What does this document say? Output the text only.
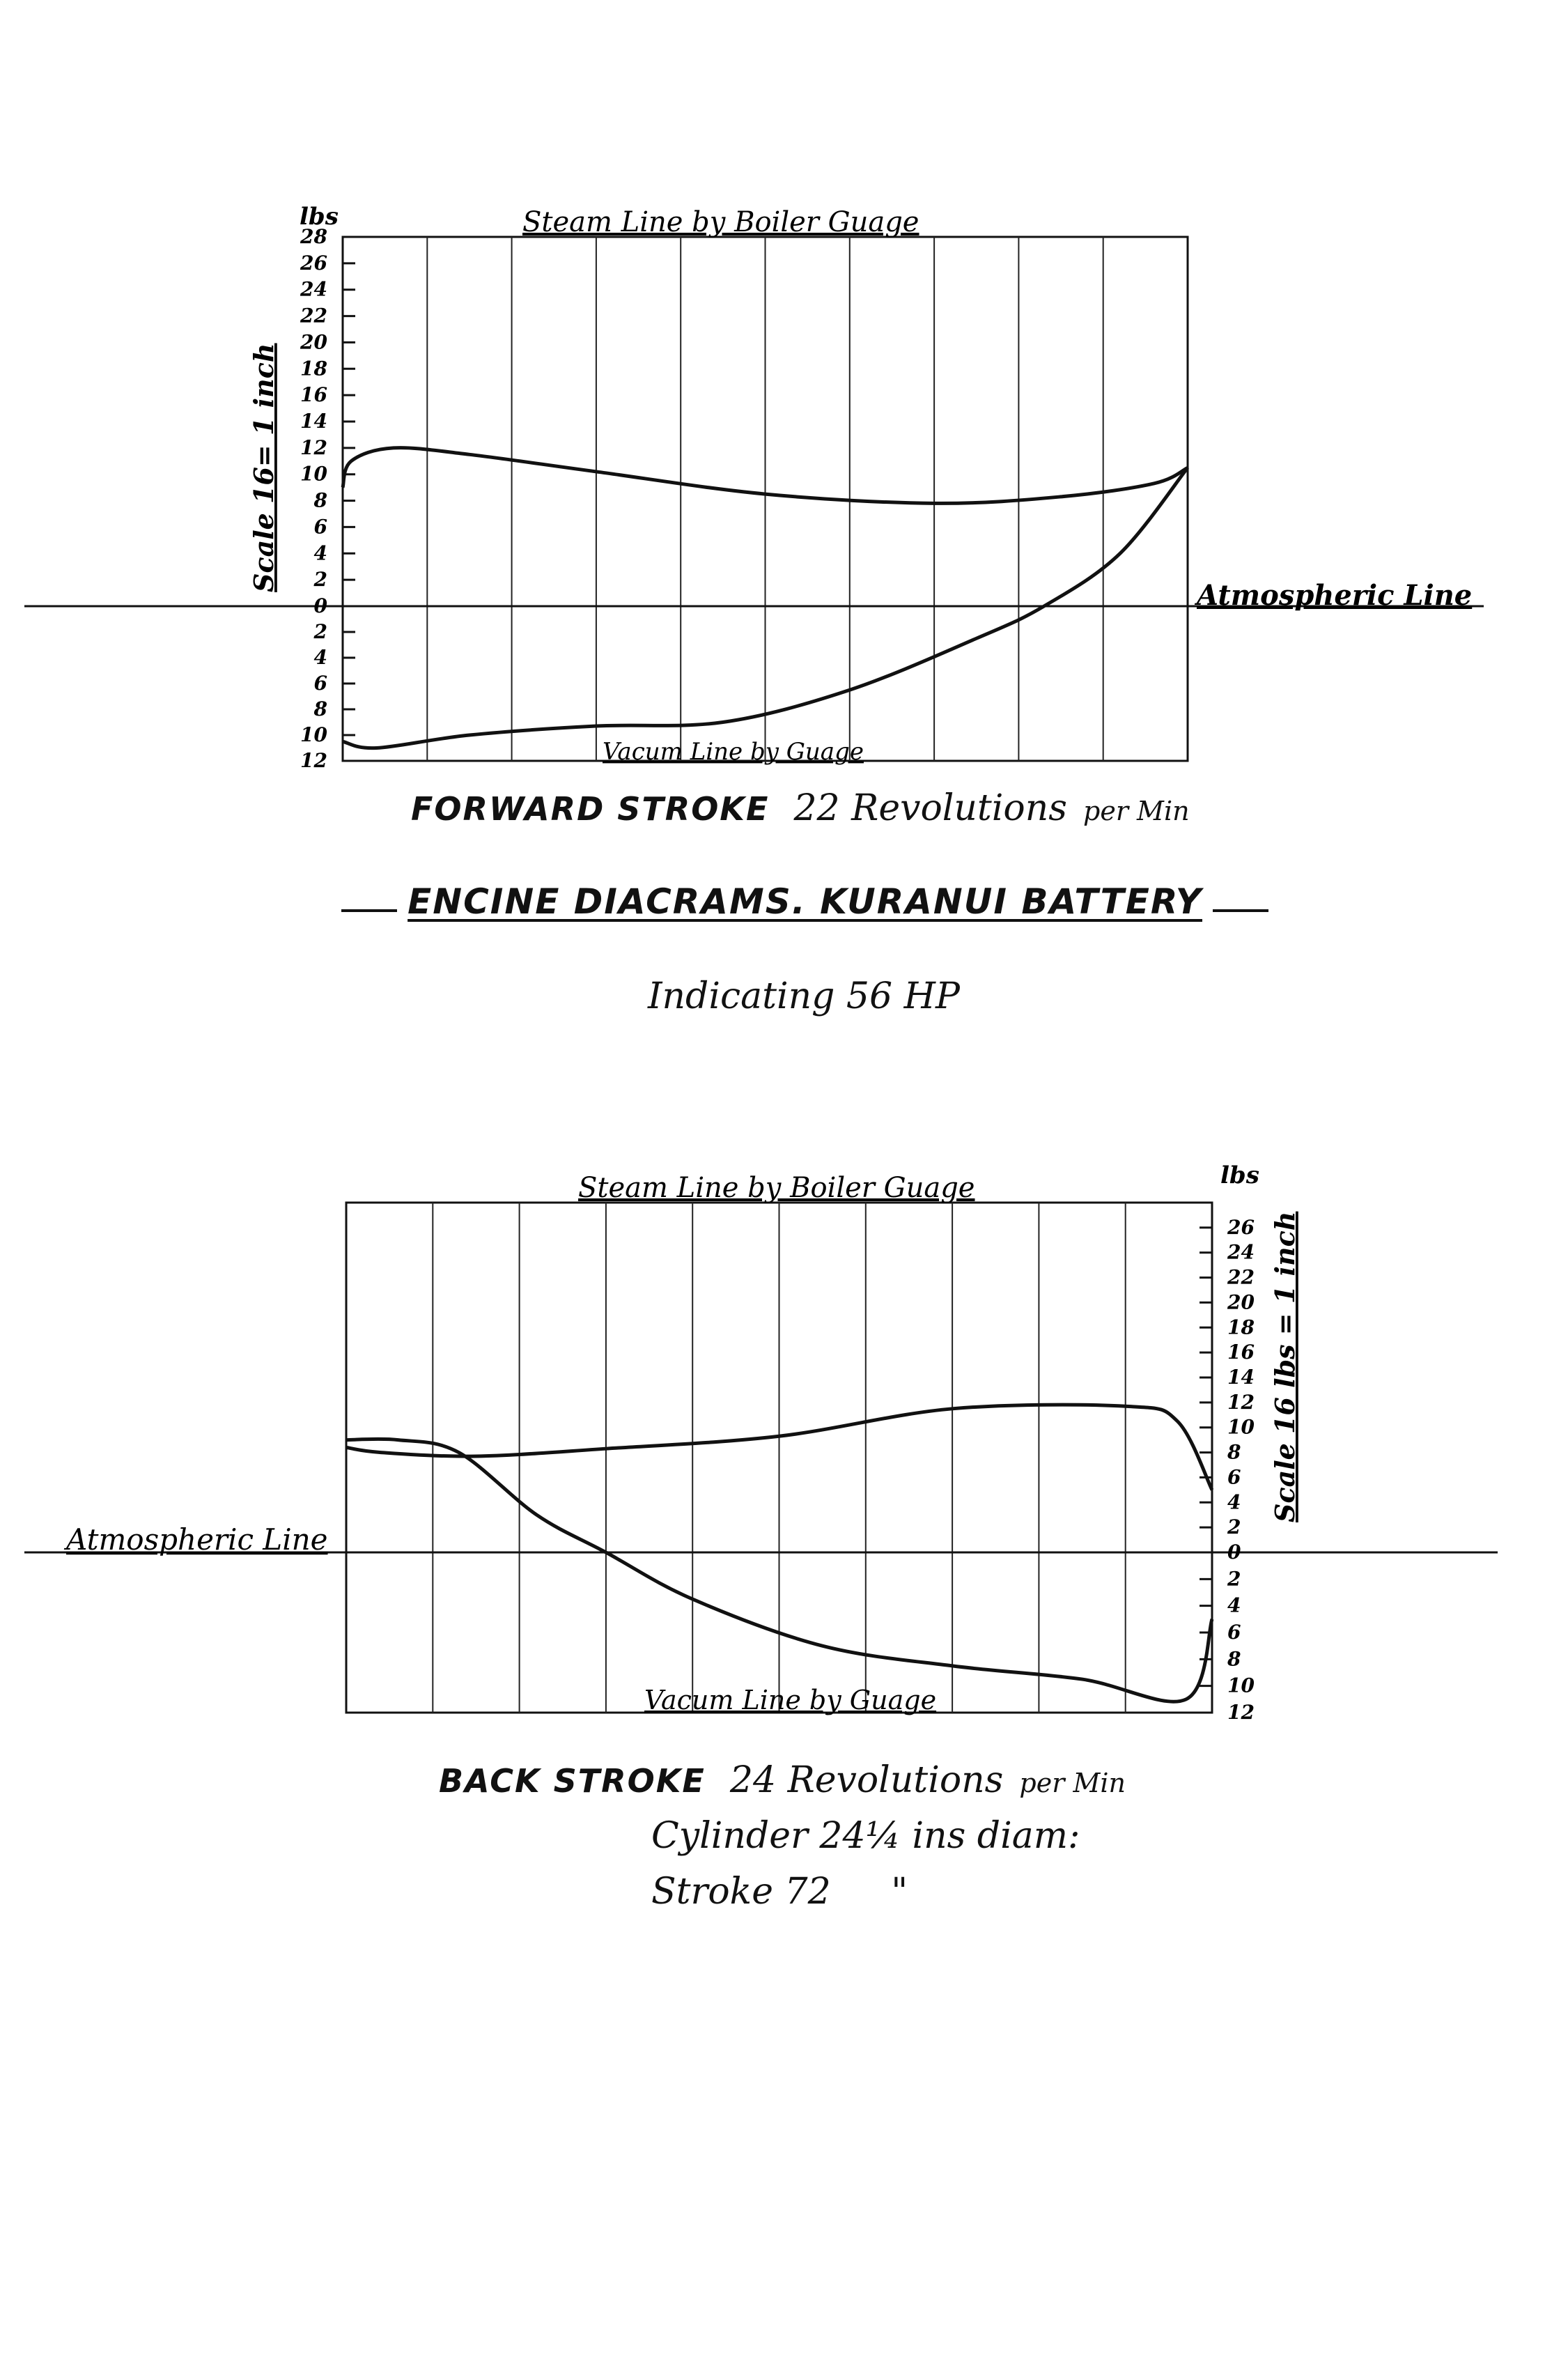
28
26
24
22
20
18
16
14
12
10
8
6
4
2
0
2
4
6
8
10
12
lbs	Steam Line by Boiler Guage
Vacum Line by Guage
Atmospheric Line
Scale 16= 1 inch
FORWARD STROKE 22 Revolutions per Min
ENCINE DIACRAMS. KURANUI BATTERY
Indicating 56 HP
26
24
22
20
18
16
14
12
10
8
6
4
2
0
2
4
6
8
10
12
lbs
Steam Line by Boiler Guage
Vacum Line by Guage
Atmospheric Line
Scale 16 lbs = 1 inch
BACK STROKE 24 Revolutions per Min
Cylinder 24¼ ins diam:
Stroke 72 "
